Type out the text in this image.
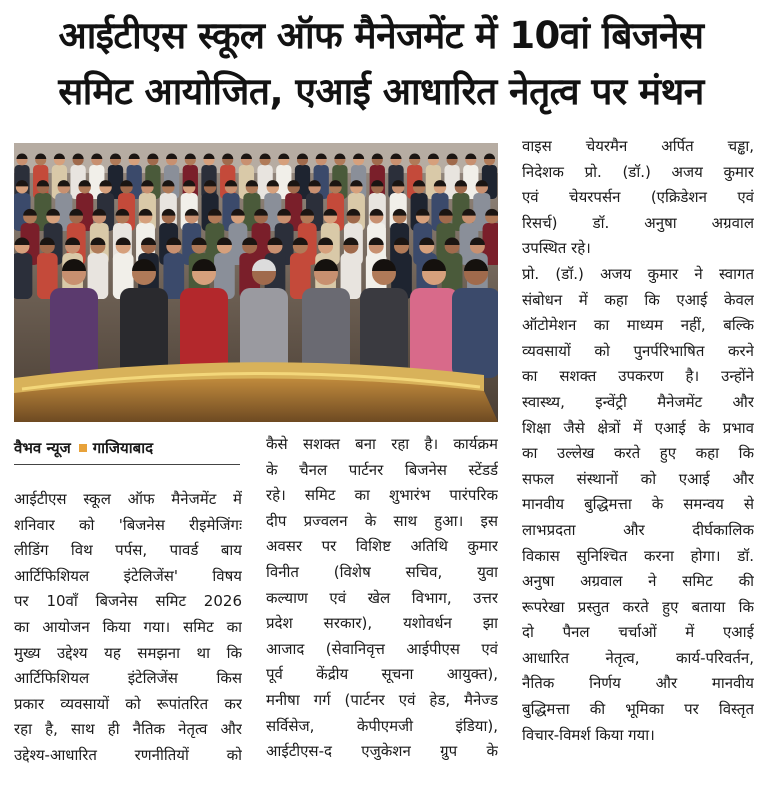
आईटीएस स्कूल ऑफ मैनेजमेंट में 10वां बिजनेस
समिट आयोजित, एआई आधारित नेतृत्व पर मंथन
वैभव न्यूज गाजियाबाद
आईटीएस स्कूल ऑफ मैनेजमेंट में
शनिवार को 'बिजनेस रीइमेजिंगः
लीडिंग विथ पर्पस, पावर्ड बाय
आर्टिफिशियल इंटेलिजेंस' विषय
पर 10वाँ बिजनेस समिट 2026
का आयोजन किया गया। समिट का
मुख्य उद्देश्य यह समझना था कि
आर्टिफिशियल इंटेलिजेंस किस
प्रकार व्यवसायों को रूपांतरित कर
रहा है, साथ ही नैतिक नेतृत्व और
उद्देश्य-आधारित रणनीतियों को
कैसे सशक्त बना रहा है। कार्यक्रम
के चैनल पार्टनर बिजनेस स्टेंडर्ड
रहे। समिट का शुभारंभ पारंपरिक
दीप प्रज्वलन के साथ हुआ। इस
अवसर पर विशिष्ट अतिथि कुमार
विनीत (विशेष सचिव, युवा
कल्याण एवं खेल विभाग, उत्तर
प्रदेश सरकार), यशोवर्धन झा
आजाद (सेवानिवृत्त आईपीएस एवं
पूर्व केंद्रीय सूचना आयुक्त),
मनीषा गर्ग (पार्टनर एवं हेड, मैनेज्ड
सर्विसेज, केपीएमजी इंडिया),
आईटीएस-द एजुकेशन ग्रुप के
वाइस चेयरमैन अर्पित चड्ढा,
निदेशक प्रो. (डॉ.) अजय कुमार
एवं चेयरपर्सन (एक्रिडेशन एवं
रिसर्च) डॉ. अनुषा अग्रवाल
उपस्थित रहे।
प्रो. (डॉ.) अजय कुमार ने स्वागत
संबोधन में कहा कि एआई केवल
ऑटोमेशन का माध्यम नहीं, बल्कि
व्यवसायों को पुनर्परिभाषित करने
का सशक्त उपकरण है। उन्होंने
स्वास्थ्य, इन्वेंट्री मैनेजमेंट और
शिक्षा जैसे क्षेत्रों में एआई के प्रभाव
का उल्लेख करते हुए कहा कि
सफल संस्थानों को एआई और
मानवीय बुद्धिमत्ता के समन्वय से
लाभप्रदता और दीर्घकालिक
विकास सुनिश्चित करना होगा। डॉ.
अनुषा अग्रवाल ने समिट की
रूपरेखा प्रस्तुत करते हुए बताया कि
दो पैनल चर्चाओं में एआई
आधारित नेतृत्व, कार्य-परिवर्तन,
नैतिक निर्णय और मानवीय
बुद्धिमत्ता की भूमिका पर विस्तृत
विचार-विमर्श किया गया।
